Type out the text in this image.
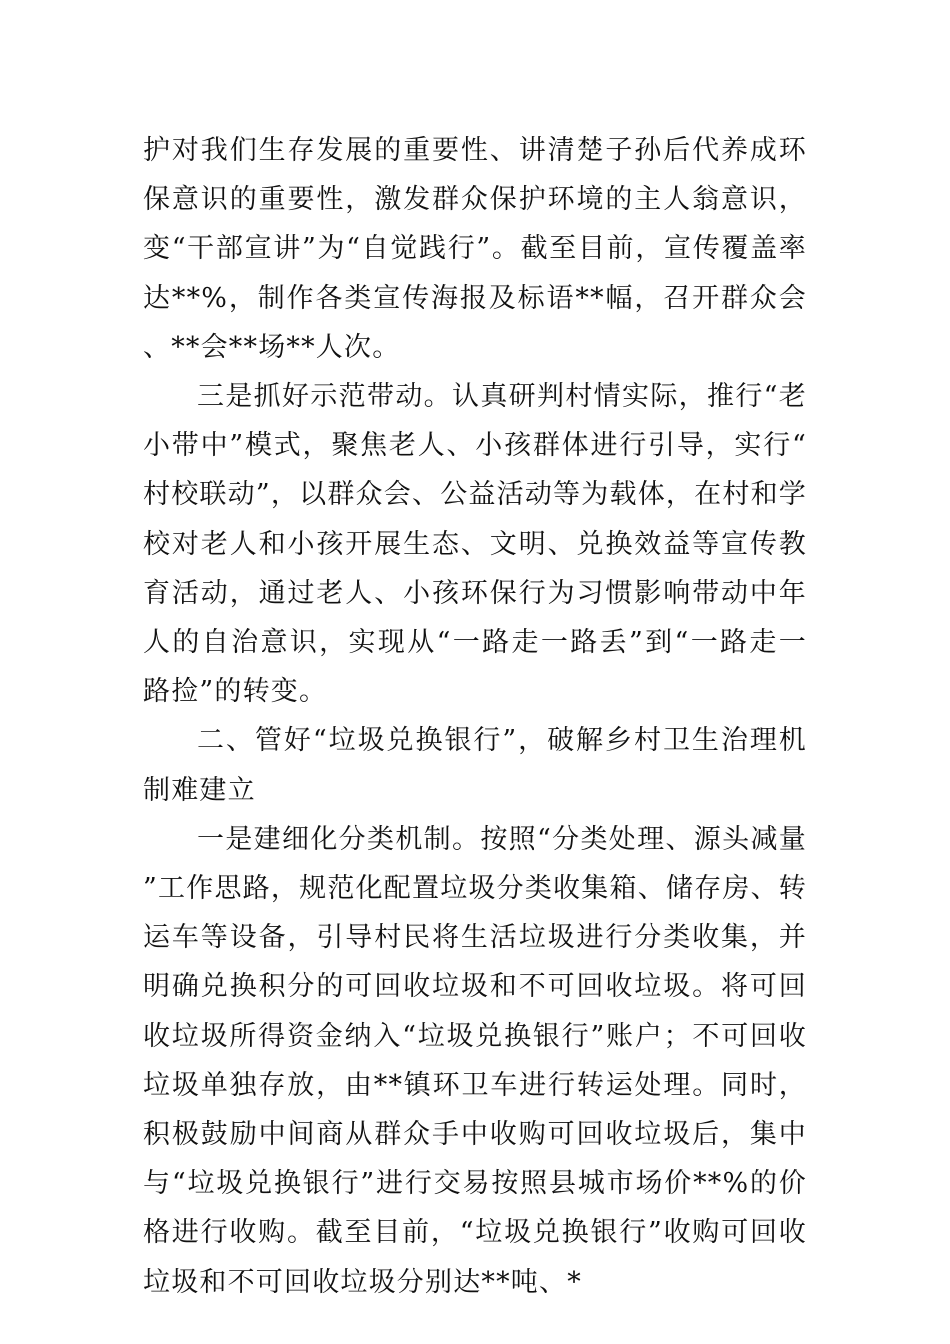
护对我们生存发展的重要性、讲清楚子孙后代养成环保意识的重要性，激发群众保护环境的主人翁意识，变“干部宣讲”为“自觉践行”。截至目前，宣传覆盖率达**%，制作各类宣传海报及标语**幅，召开群众会、**会**场**人次。

三是抓好示范带动。认真研判村情实际，推行“老小带中”模式，聚焦老人、小孩群体进行引导，实行“村校联动”，以群众会、公益活动等为载体，在村和学校对老人和小孩开展生态、文明、兑换效益等宣传教育活动，通过老人、小孩环保行为习惯影响带动中年人的自治意识，实现从“一路走一路丢”到“一路走一路捡”的转变。

二、管好“垃圾兑换银行”，破解乡村卫生治理机制难建立

一是建细化分类机制。按照“分类处理、源头减量”工作思路，规范化配置垃圾分类收集箱、储存房、转运车等设备，引导村民将生活垃圾进行分类收集，并明确兑换积分的可回收垃圾和不可回收垃圾。将可回收垃圾所得资金纳入“垃圾兑换银行”账户；不可回收垃圾单独存放，由**镇环卫车进行转运处理。同时，积极鼓励中间商从群众手中收购可回收垃圾后，集中与“垃圾兑换银行”进行交易按照县城市场价**%的价格进行收购。截至目前，“垃圾兑换银行”收购可回收垃圾和不可回收垃圾分别达**吨、*
